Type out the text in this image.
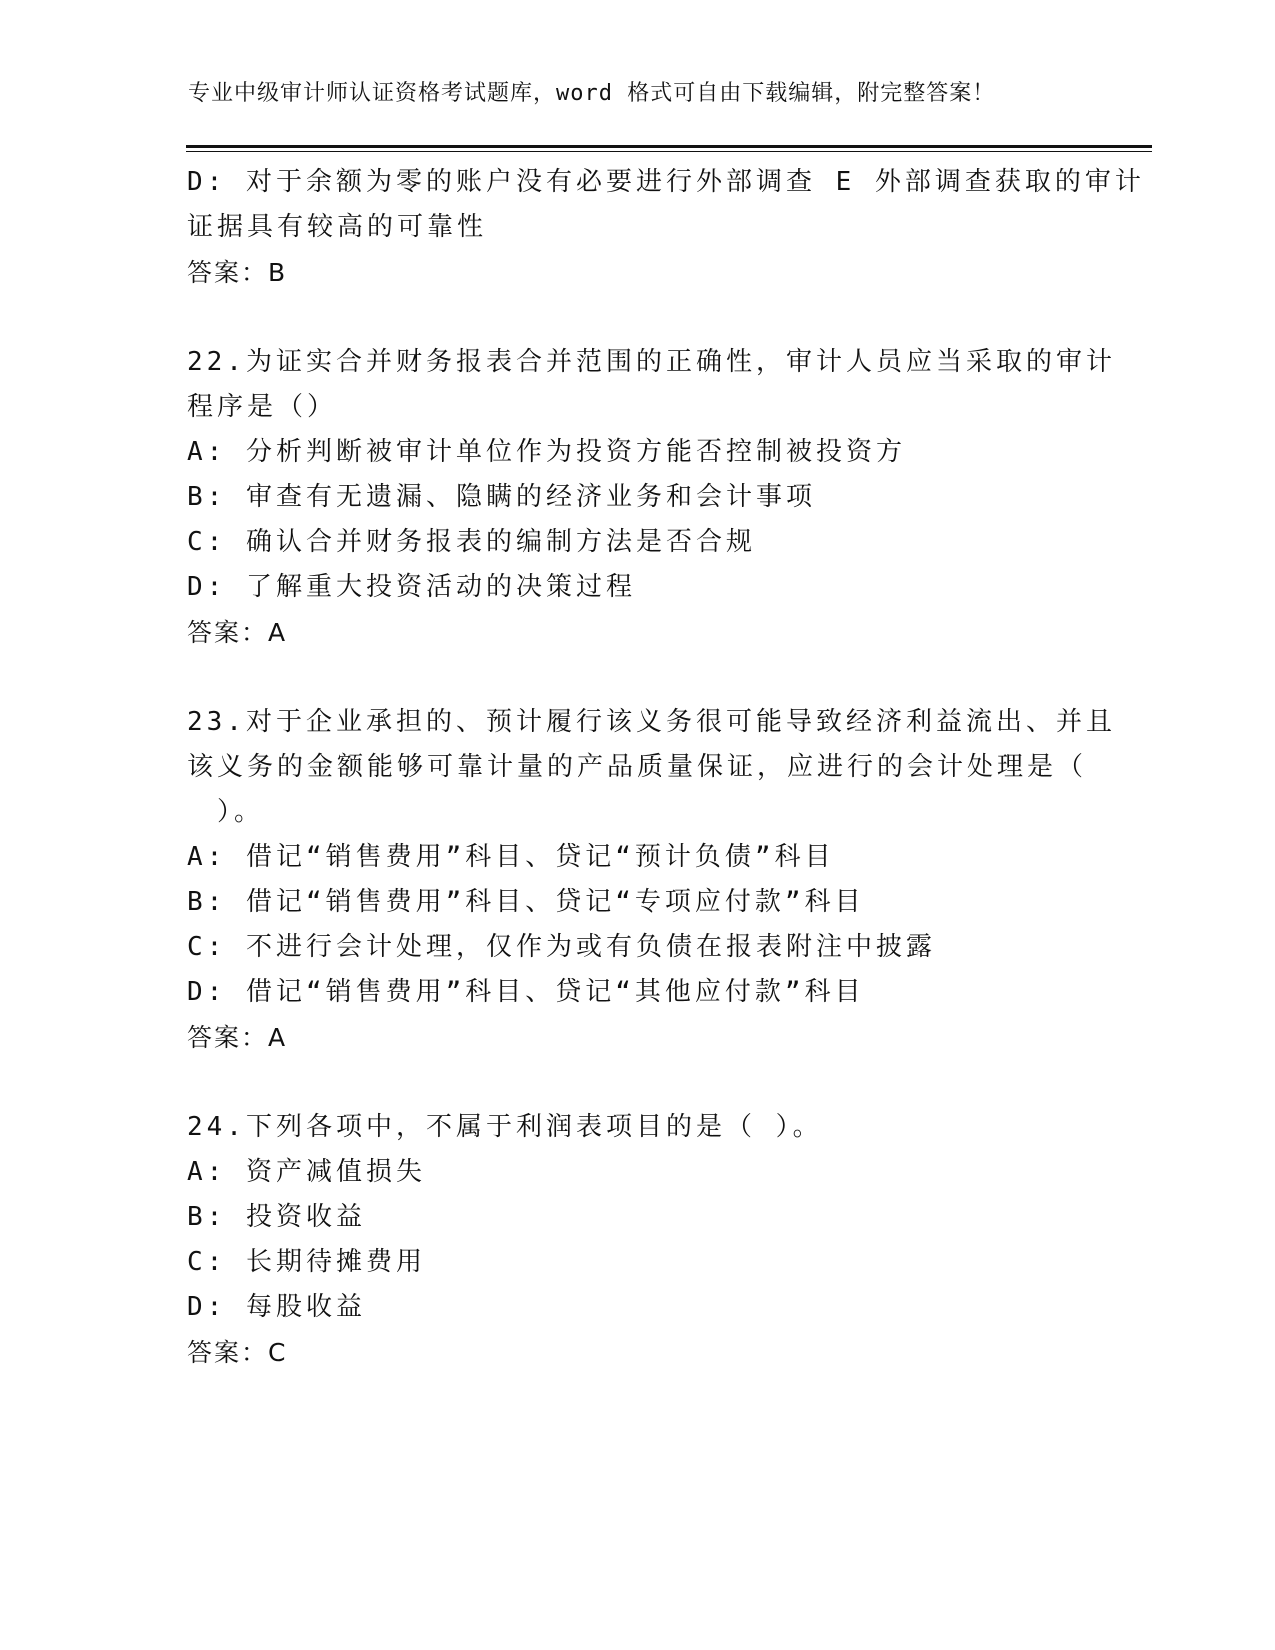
专业中级审计师认证资格考试题库，word 格式可自由下载编辑，附完整答案！
D: 对于余额为零的账户没有必要进行外部调查 E 外部调查获取的审计
证据具有较高的可靠性
答案：B
22.为证实合并财务报表合并范围的正确性，审计人员应当采取的审计
程序是（）
A: 分析判断被审计单位作为投资方能否控制被投资方
B: 审查有无遗漏、隐瞒的经济业务和会计事项
C: 确认合并财务报表的编制方法是否合规
D: 了解重大投资活动的决策过程
答案：A
23.对于企业承担的、预计履行该义务很可能导致经济利益流出、并且
该义务的金额能够可靠计量的产品质量保证，应进行的会计处理是（
）。
A: 借记“销售费用”科目、贷记“预计负债”科目
B: 借记“销售费用”科目、贷记“专项应付款”科目
C: 不进行会计处理，仅作为或有负债在报表附注中披露
D: 借记“销售费用”科目、贷记“其他应付款”科目
答案：A
24.下列各项中，不属于利润表项目的是（ ）。
A: 资产减值损失
B: 投资收益
C: 长期待摊费用
D: 每股收益
答案：C
